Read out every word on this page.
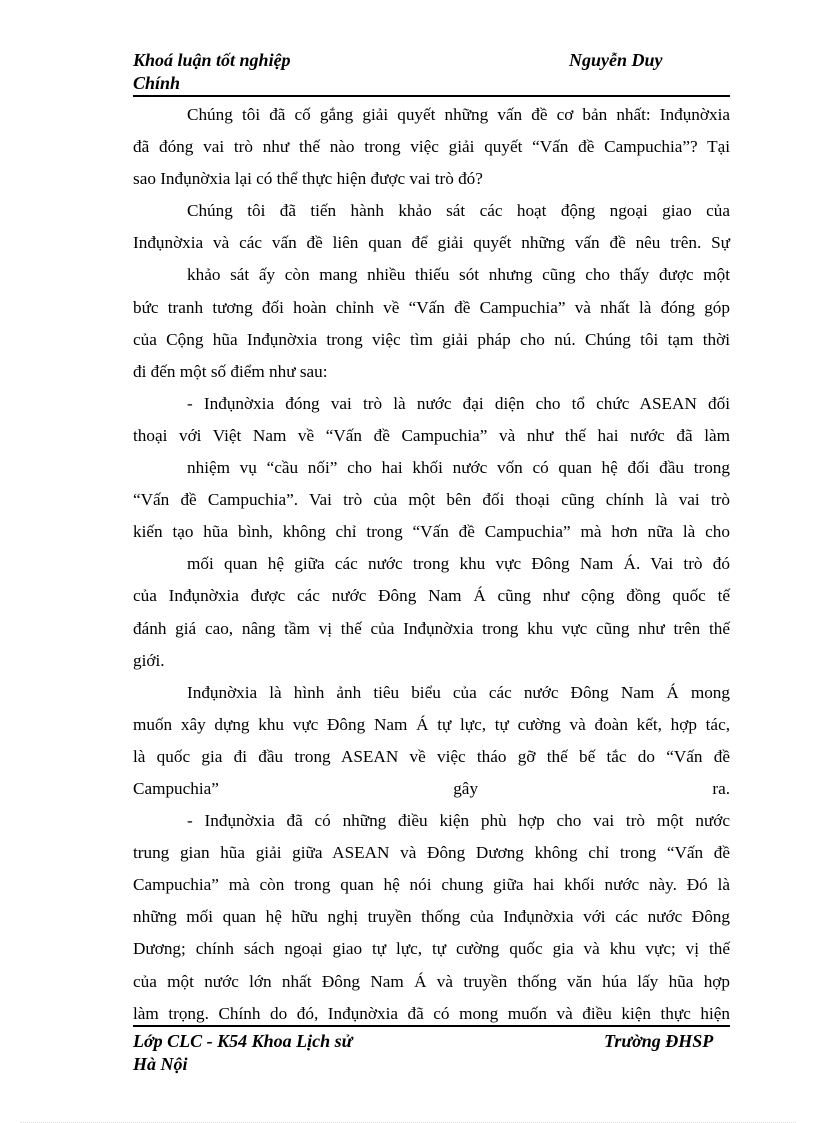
Khoá luận tốt nghiệp
Chính
Nguyễn Duy
Chúng tôi đã cố gắng giải quyết những vấn đề cơ bản nhất: Inđụnờxia
đã đóng vai trò như thế nào trong việc giải quyết “Vấn đề Campuchia”? Tại
sao Inđụnờxia lại có thể thực hiện được vai trò đó?
Chúng tôi đã tiến hành khảo sát các hoạt động ngoại giao của
Inđụnờxia và các vấn đề liên quan để giải quyết những vấn đề nêu trên. Sự
khảo sát ấy còn mang nhiều thiếu sót nhưng cũng cho thấy được một
bức tranh tương đối hoàn chỉnh về “Vấn đề Campuchia” và nhất là đóng góp
của Cộng hũa Inđụnờxia trong việc tìm giải pháp cho nú. Chúng tôi tạm thời
đi đến một số điểm như sau:
- Inđụnờxia đóng vai trò là nước đại diện cho tổ chức ASEAN đối
thoại với Việt Nam về “Vấn đề Campuchia” và như thế hai nước đã làm
nhiệm vụ “cầu nối” cho hai khối nước vốn có quan hệ đối đầu trong
“Vấn đề Campuchia”. Vai trò của một bên đối thoại cũng chính là vai trò
kiến tạo hũa bình, không chỉ trong “Vấn đề Campuchia” mà hơn nữa là cho
mối quan hệ giữa các nước trong khu vực Đông Nam Á. Vai trò đó
của Inđụnờxia được các nước Đông Nam Á cũng như cộng đồng quốc tế
đánh giá cao, nâng tầm vị thế của Inđụnờxia trong khu vực cũng như trên thế
giới.
Inđụnờxia là hình ảnh tiêu biểu của các nước Đông Nam Á mong
muốn xây dựng khu vực Đông Nam Á tự lực, tự cường và đoàn kết, hợp tác,
là quốc gia đi đầu trong ASEAN về việc tháo gỡ thế bế tắc do “Vấn đề
Campuchia” gây ra.
- Inđụnờxia đã có những điều kiện phù hợp cho vai trò một nước
trung gian hũa giải giữa ASEAN và Đông Dương không chỉ trong “Vấn đề
Campuchia” mà còn trong quan hệ nói chung giữa hai khối nước này. Đó là
những mối quan hệ hữu nghị truyền thống của Inđụnờxia với các nước Đông
Dương; chính sách ngoại giao tự lực, tự cường quốc gia và khu vực; vị thế
của một nước lớn nhất Đông Nam Á và truyền thống văn húa lấy hũa hợp
làm trọng. Chính do đó, Inđụnờxia đã có mong muốn và điều kiện thực hiện
Lớp CLC - K54 Khoa Lịch sử
Hà Nội
Trường ĐHSP
